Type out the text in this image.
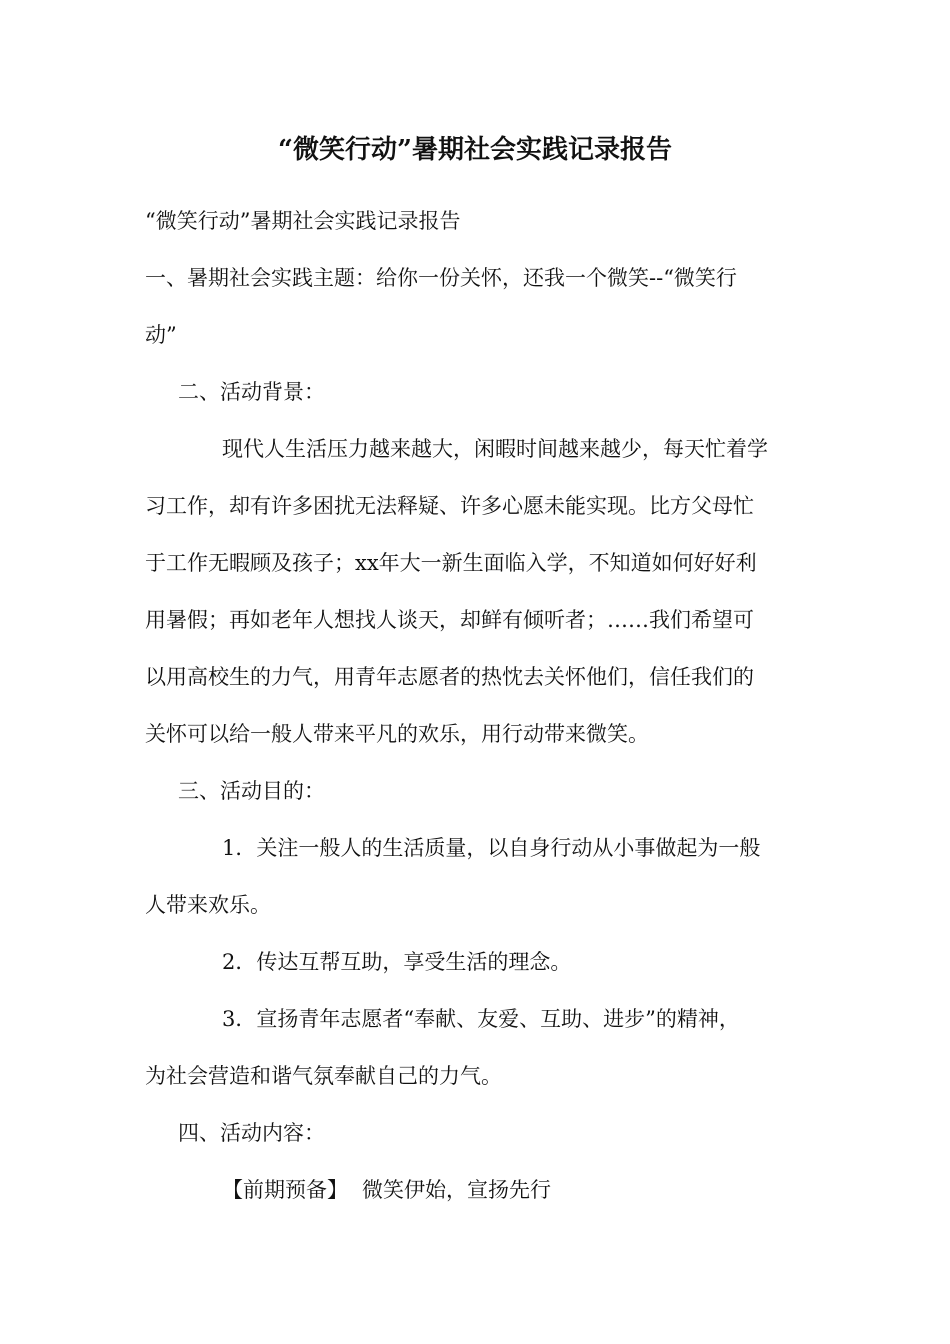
“微笑行动”暑期社会实践记录报告
“微笑行动”暑期社会实践记录报告
一、暑期社会实践主题：给你一份关怀，还我一个微笑--“微笑行
动”
二、活动背景：
现代人生活压力越来越大，闲暇时间越来越少，每天忙着学
习工作，却有许多困扰无法释疑、许多心愿未能实现。比方父母忙
于工作无暇顾及孩子；xx年大一新生面临入学，不知道如何好好利
用暑假；再如老年人想找人谈天，却鲜有倾听者；……我们希望可
以用高校生的力气，用青年志愿者的热忱去关怀他们，信任我们的
关怀可以给一般人带来平凡的欢乐，用行动带来微笑。
三、活动目的：
1．关注一般人的生活质量，以自身行动从小事做起为一般
人带来欢乐。
2．传达互帮互助，享受生活的理念。
3．宣扬青年志愿者“奉献、友爱、互助、进步”的精神，
为社会营造和谐气氛奉献自己的力气。
四、活动内容：
【前期预备】 微笑伊始，宣扬先行
